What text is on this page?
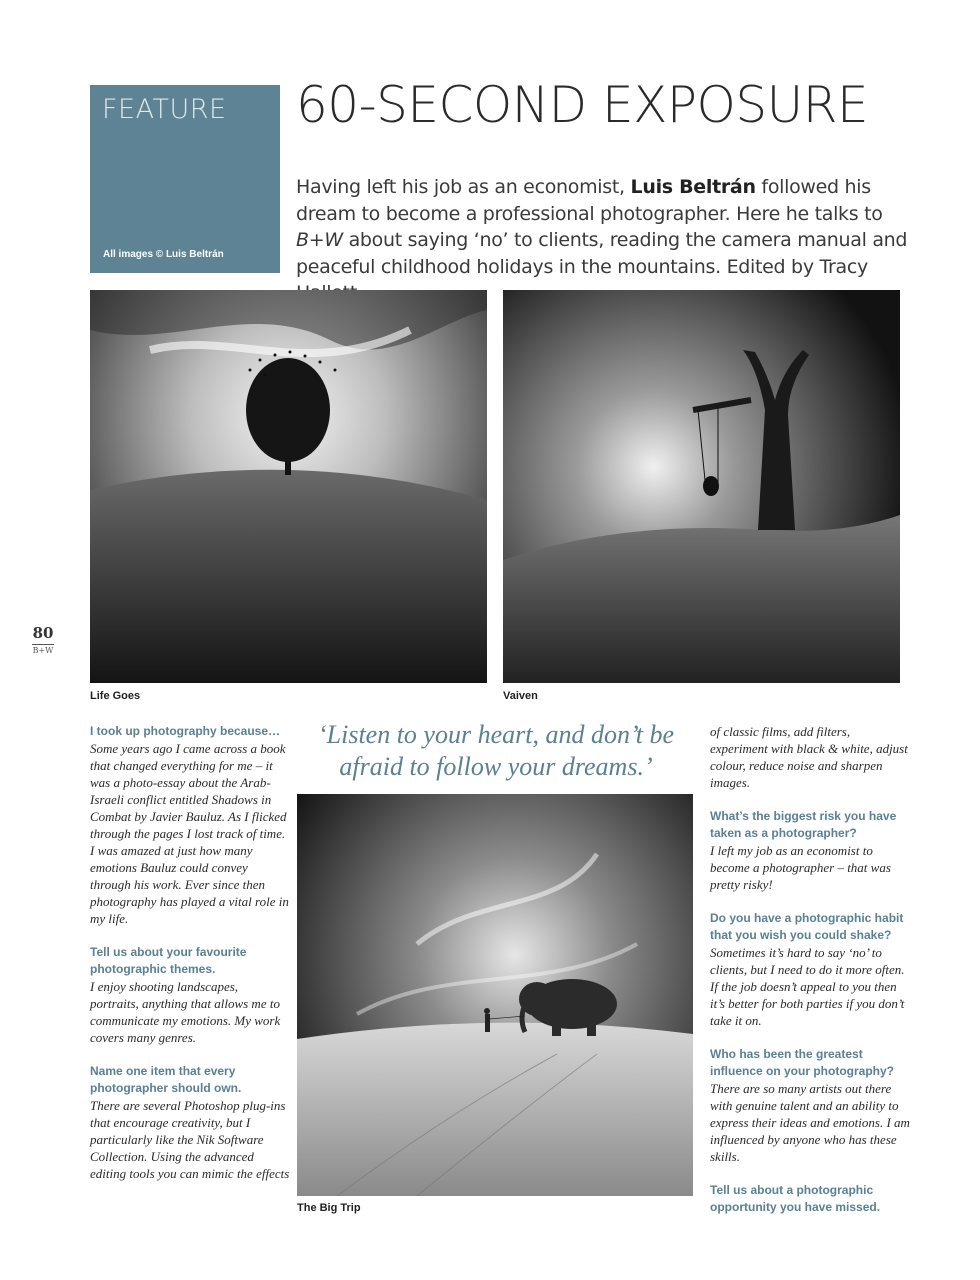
FEATURE
All images © Luis Beltrán
60-SECOND EXPOSURE
Having left his job as an economist, Luis Beltrán followed his dream to become a professional photographer. Here he talks to B+W about saying ‘no’ to clients, reading the camera manual and peaceful childhood holidays in the mountains. Edited by Tracy
Life Goes	Vaiven
80
B+W
I took up photography because…
Some years ago I came across a book that changed everything for me – it was a photo-essay about the Arab-Israeli conflict entitled Shadows in Combat by Javier Bauluz. As I flicked through the pages I lost track of time. I was amazed at just how many emotions Bauluz could convey through his work. Ever since then photography has played a vital role in my life.
Tell us about your favourite photographic themes.
I enjoy shooting landscapes, portraits, anything that allows me to communicate my emotions. My work covers many genres.
Name one item that every photographer should own.
There are several Photoshop plug-ins that encourage creativity, but I particularly like the Nik Software Collection. Using the advanced editing tools you can mimic the effects
‘Listen to your heart, and don’t be afraid to follow your dreams.’
The Big Trip
of classic films, add filters, experiment with black & white, adjust colour, reduce noise and sharpen images.
What’s the biggest risk you have taken as a photographer?
I left my job as an economist to become a photographer – that was pretty risky!
Do you have a photographic habit that you wish you could shake?
Sometimes it’s hard to say ‘no’ to clients, but I need to do it more often. If the job doesn’t appeal to you then it’s better for both parties if you don’t take it on.
Who has been the greatest influence on your photography?
There are so many artists out there with genuine talent and an ability to express their ideas and emotions. I am influenced by anyone who has these skills.
Tell us about a photographic opportunity you have missed.
